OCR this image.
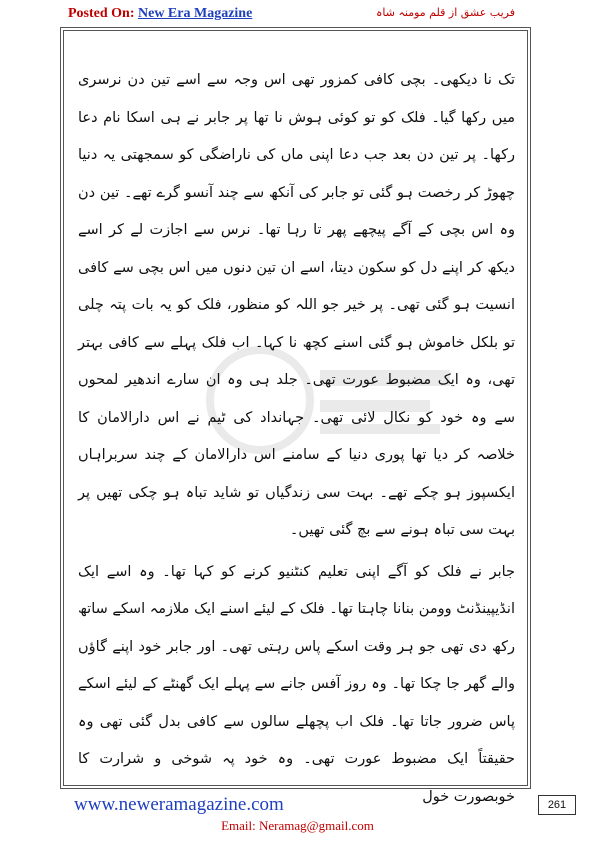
Posted On: New Era Magazine	فریب عشق از قلم مومنہ شاہ

تک نا دیکھی۔ بچی کافی کمزور تھی اس وجہ سے اسے تین دن نرسری میں رکھا گیا۔ فلک کو تو کوئی ہوش نا تھا پر جابر نے ہی اسکا نام دعا رکھا۔ پر تین دن بعد جب دعا اپنی ماں کی ناراضگی کو سمجھتی یہ دنیا چھوڑ کر رخصت ہو گئی تو جابر کی آنکھ سے چند آنسو گرے تھے۔ تین دن وہ اس بچی کے آگے پیچھے پھر تا رہا تھا۔ نرس سے اجازت لے کر اسے دیکھ کر اپنے دل کو سکون دیتا، اسے ان تین دنوں میں اس بچی سے کافی انسیت ہو گئی تھی۔ پر خیر جو اللہ کو منظور، فلک کو یہ بات پتہ چلی تو بلکل خاموش ہو گئی اسنے کچھ نا کہا۔ اب فلک پہلے سے کافی بہتر تھی، وہ ایک مضبوط عورت تھی۔ جلد ہی وہ ان سارے اندھیر لمحوں سے وہ خود کو نکال لائی تھی۔ جہانداد کی ٹیم نے اس دارالامان کا خلاصہ کر دیا تھا پوری دنیا کے سامنے اس دارالامان کے چند سربراہاں ایکسپوز ہو چکے تھے۔ بہت سی زندگیاں تو شاید تباہ ہو چکی تھیں پر بہت سی تباہ ہونے سے بچ گئی تھیں۔

جابر نے فلک کو آگے اپنی تعلیم کنٹنیو کرنے کو کہا تھا۔ وہ اسے ایک انڈیپینڈنٹ وومن بنانا چاہتا تھا۔ فلک کے لیئے اسنے ایک ملازمہ اسکے ساتھ رکھ دی تھی جو ہر وقت اسکے پاس رہتی تھی۔ اور جابر خود اپنے گاؤں والے گھر جا چکا تھا۔ وہ روز آفس جانے سے پہلے ایک گھنٹے کے لیئے اسکے پاس ضرور جاتا تھا۔ فلک اب پچھلے سالوں سے کافی بدل گئی تھی وہ حقیقتاً ایک مضبوط عورت تھی۔ وہ خود پہ شوخی و شرارت کا خوبصورت خول

www.neweramagazine.com	261
Email: Neramag@gmail.com
